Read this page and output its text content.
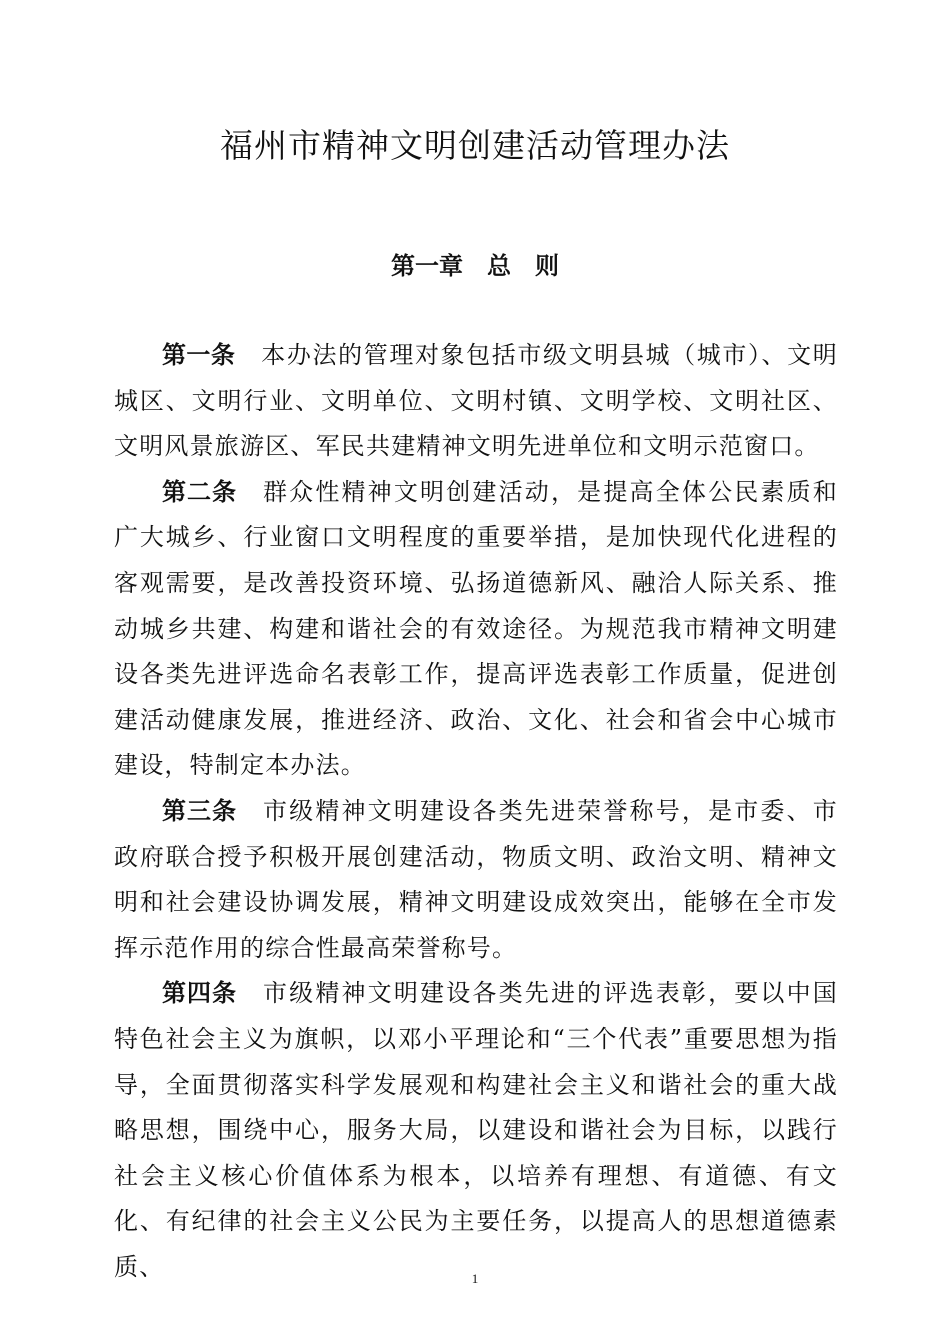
福州市精神文明创建活动管理办法
第一章 总　则

第一条 本办法的管理对象包括市级文明县城（城市）、文明城区、文明行业、文明单位、文明村镇、文明学校、文明社区、文明风景旅游区、军民共建精神文明先进单位和文明示范窗口。

第二条 群众性精神文明创建活动，是提高全体公民素质和广大城乡、行业窗口文明程度的重要举措，是加快现代化进程的客观需要，是改善投资环境、弘扬道德新风、融洽人际关系、推动城乡共建、构建和谐社会的有效途径。为规范我市精神文明建设各类先进评选命名表彰工作，提高评选表彰工作质量，促进创建活动健康发展，推进经济、政治、文化、社会和省会中心城市建设，特制定本办法。

第三条 市级精神文明建设各类先进荣誉称号，是市委、市政府联合授予积极开展创建活动，物质文明、政治文明、精神文明和社会建设协调发展，精神文明建设成效突出，能够在全市发挥示范作用的综合性最高荣誉称号。

第四条 市级精神文明建设各类先进的评选表彰，要以中国特色社会主义为旗帜，以邓小平理论和“三个代表”重要思想为指导，全面贯彻落实科学发展观和构建社会主义和谐社会的重大战略思想，围绕中心，服务大局，以建设和谐社会为目标，以践行社会主义核心价值体系为根本，以培养有理想、有道德、有文化、有纪律的社会主义公民为主要任务，以提高人的思想道德素质、	1
